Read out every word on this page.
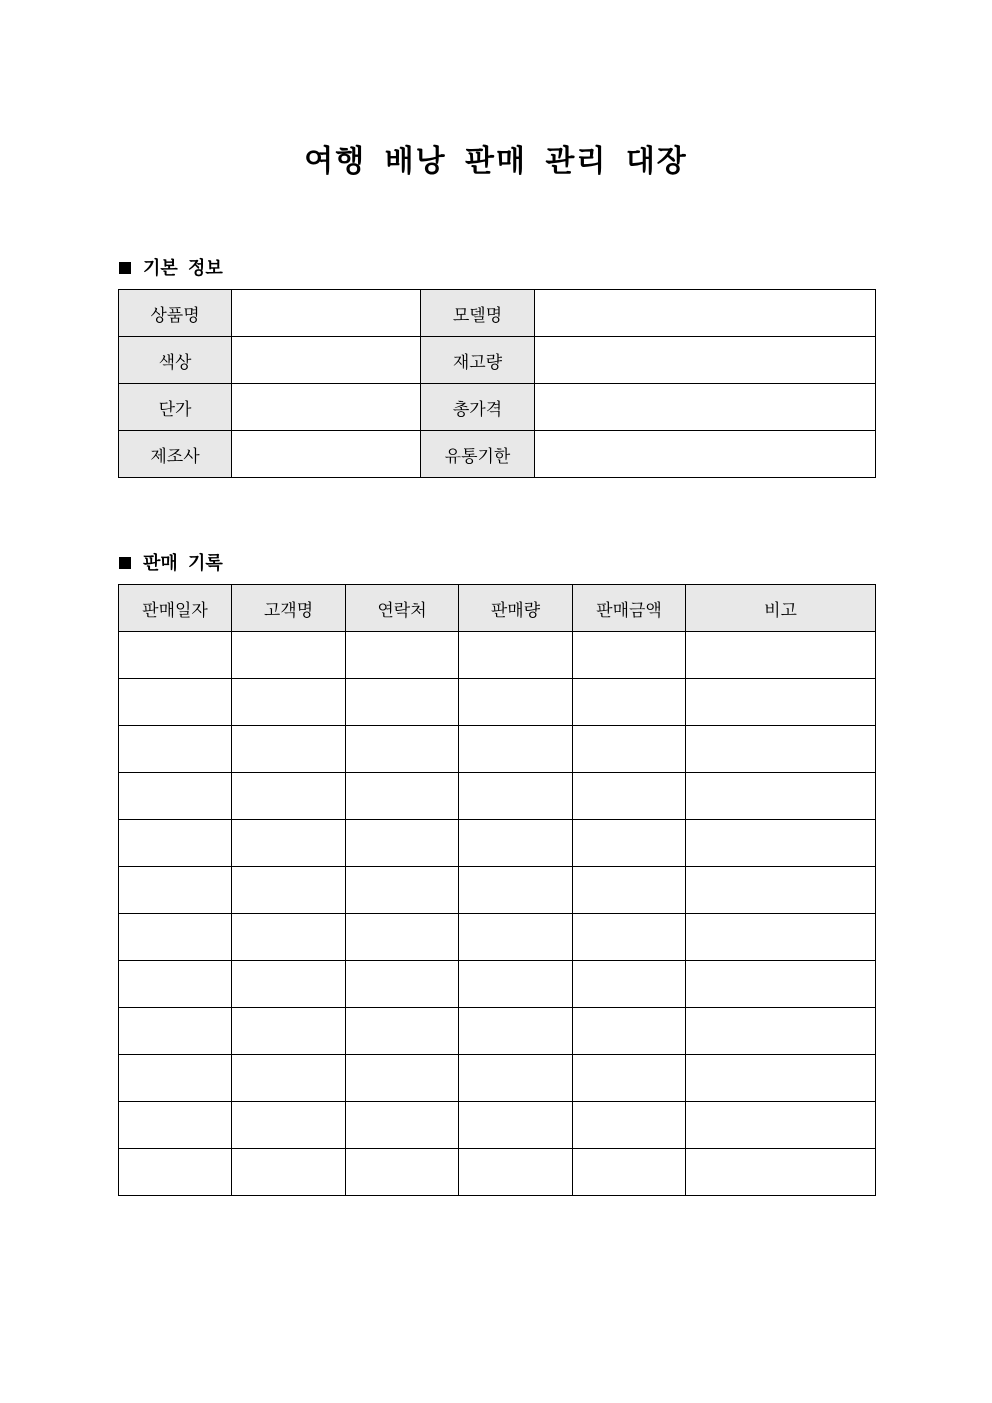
여행 배낭 판매 관리 대장
기본 정보
상품명		모델명	
색상		재고량	
단가		총가격	
제조사		유통기한	
판매 기록
판매일자	고객명	연락처	판매량	판매금액	비고
